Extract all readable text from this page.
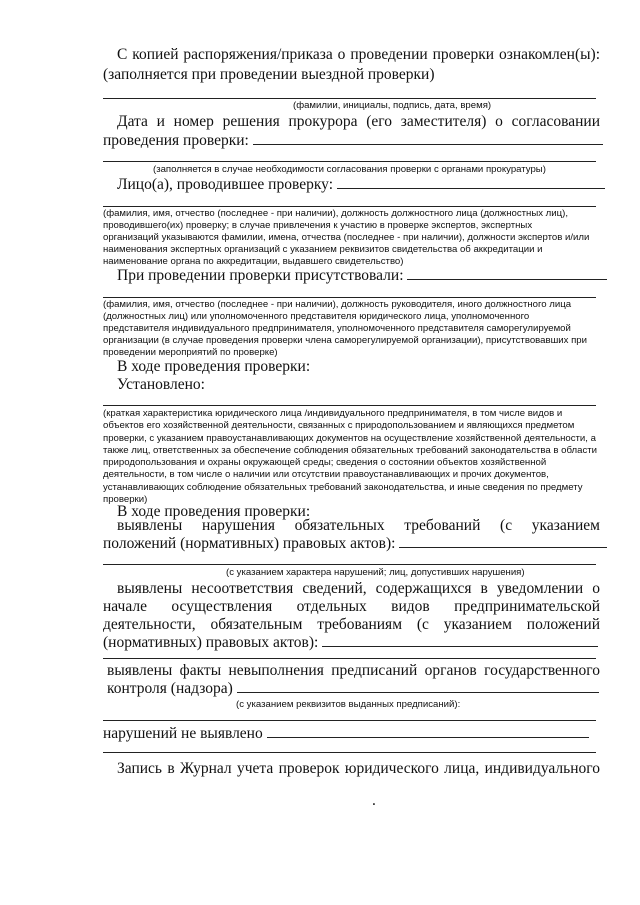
С копией распоряжения/приказа о проведении проверки ознакомлен(ы):
(заполняется при проведении выездной проверки)
(фамилии, инициалы, подпись, дата, время)
Дата и номер решения прокурора (его заместителя) о согласовании
проведения проверки:
(заполняется в случае необходимости согласования проверки с органами прокуратуры)
Лицо(а), проводившее проверку:
(фамилия, имя, отчество (последнее - при наличии), должность должностного лица (должностных лиц),
проводившего(их) проверку; в случае привлечения к участию в проверке экспертов, экспертных
организаций указываются фамилии, имена, отчества (последнее - при наличии), должности экспертов и/или
наименования экспертных организаций с указанием реквизитов свидетельства об аккредитации и
наименование органа по аккредитации, выдавшего свидетельство)
При проведении проверки присутствовали:
(фамилия, имя, отчество (последнее - при наличии), должность руководителя, иного должностного лица
(должностных лиц) или уполномоченного представителя юридического лица, уполномоченного
представителя индивидуального предпринимателя, уполномоченного представителя саморегулируемой
организации (в случае проведения проверки члена саморегулируемой организации), присутствовавших при
проведении мероприятий по проверке)
В ходе проведения проверки:
Установлено:
(краткая характеристика юридического лица /индивидуального предпринимателя, в том числе видов и
объектов его хозяйственной деятельности, связанных с природопользованием и являющихся предметом
проверки, с указанием правоустанавливающих документов на осуществление хозяйственной деятельности, а
также лиц, ответственных за обеспечение соблюдения обязательных требований законодательства в области
природопользования и охраны окружающей среды; сведения о состоянии объектов хозяйственной
деятельности, в том числе о наличии или отсутствии правоустанавливающих и прочих документов,
устанавливающих соблюдение обязательных требований законодательства, и иные сведения по предмету
проверки)
В ходе проведения проверки:
выявлены нарушения обязательных требований (с указанием
положений (нормативных) правовых актов):
(с указанием характера нарушений; лиц, допустивших нарушения)
выявлены несоответствия сведений, содержащихся в уведомлении о
начале осуществления отдельных видов предпринимательской
деятельности, обязательным требованиям (с указанием положений
(нормативных) правовых актов):
выявлены факты невыполнения предписаний органов государственного
контроля (надзора)
(с указанием реквизитов выданных предписаний):
нарушений не выявлено
Запись в Журнал учета проверок юридического лица, индивидуального
.
